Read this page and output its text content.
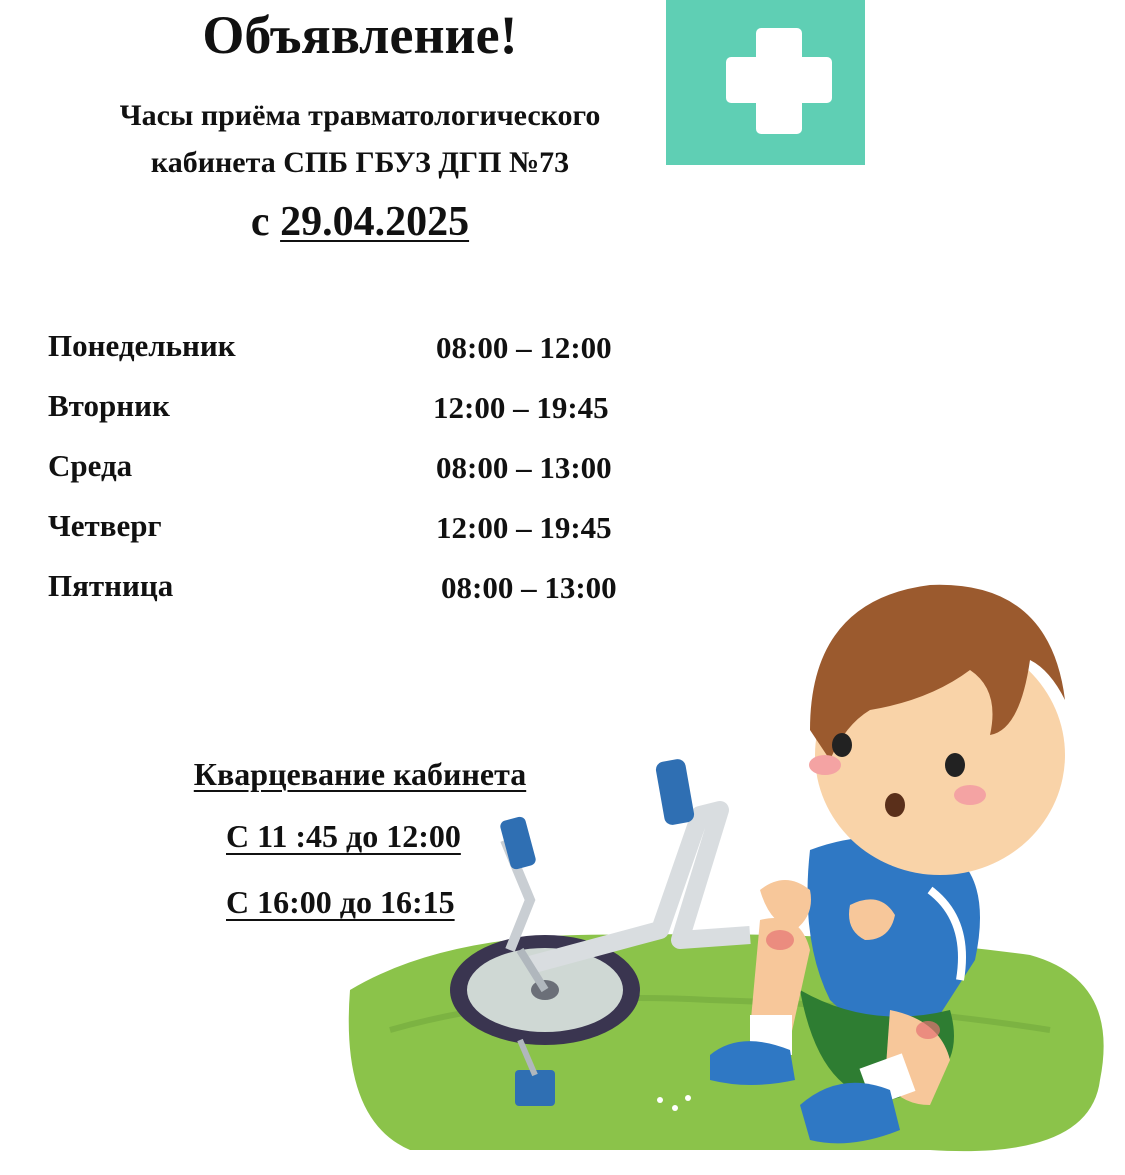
Объявление!
Часы приёма травматологического
кабинета СПБ ГБУЗ ДГП №73
с 29.04.2025
Понедельник	08:00 – 12:00
Вторник	12:00 – 19:45
Среда	08:00 – 13:00
Четверг	12:00 – 19:45
Пятница	08:00 – 13:00
Кварцевание кабинета
С 11 :45 до 12:00
С 16:00 до 16:15
